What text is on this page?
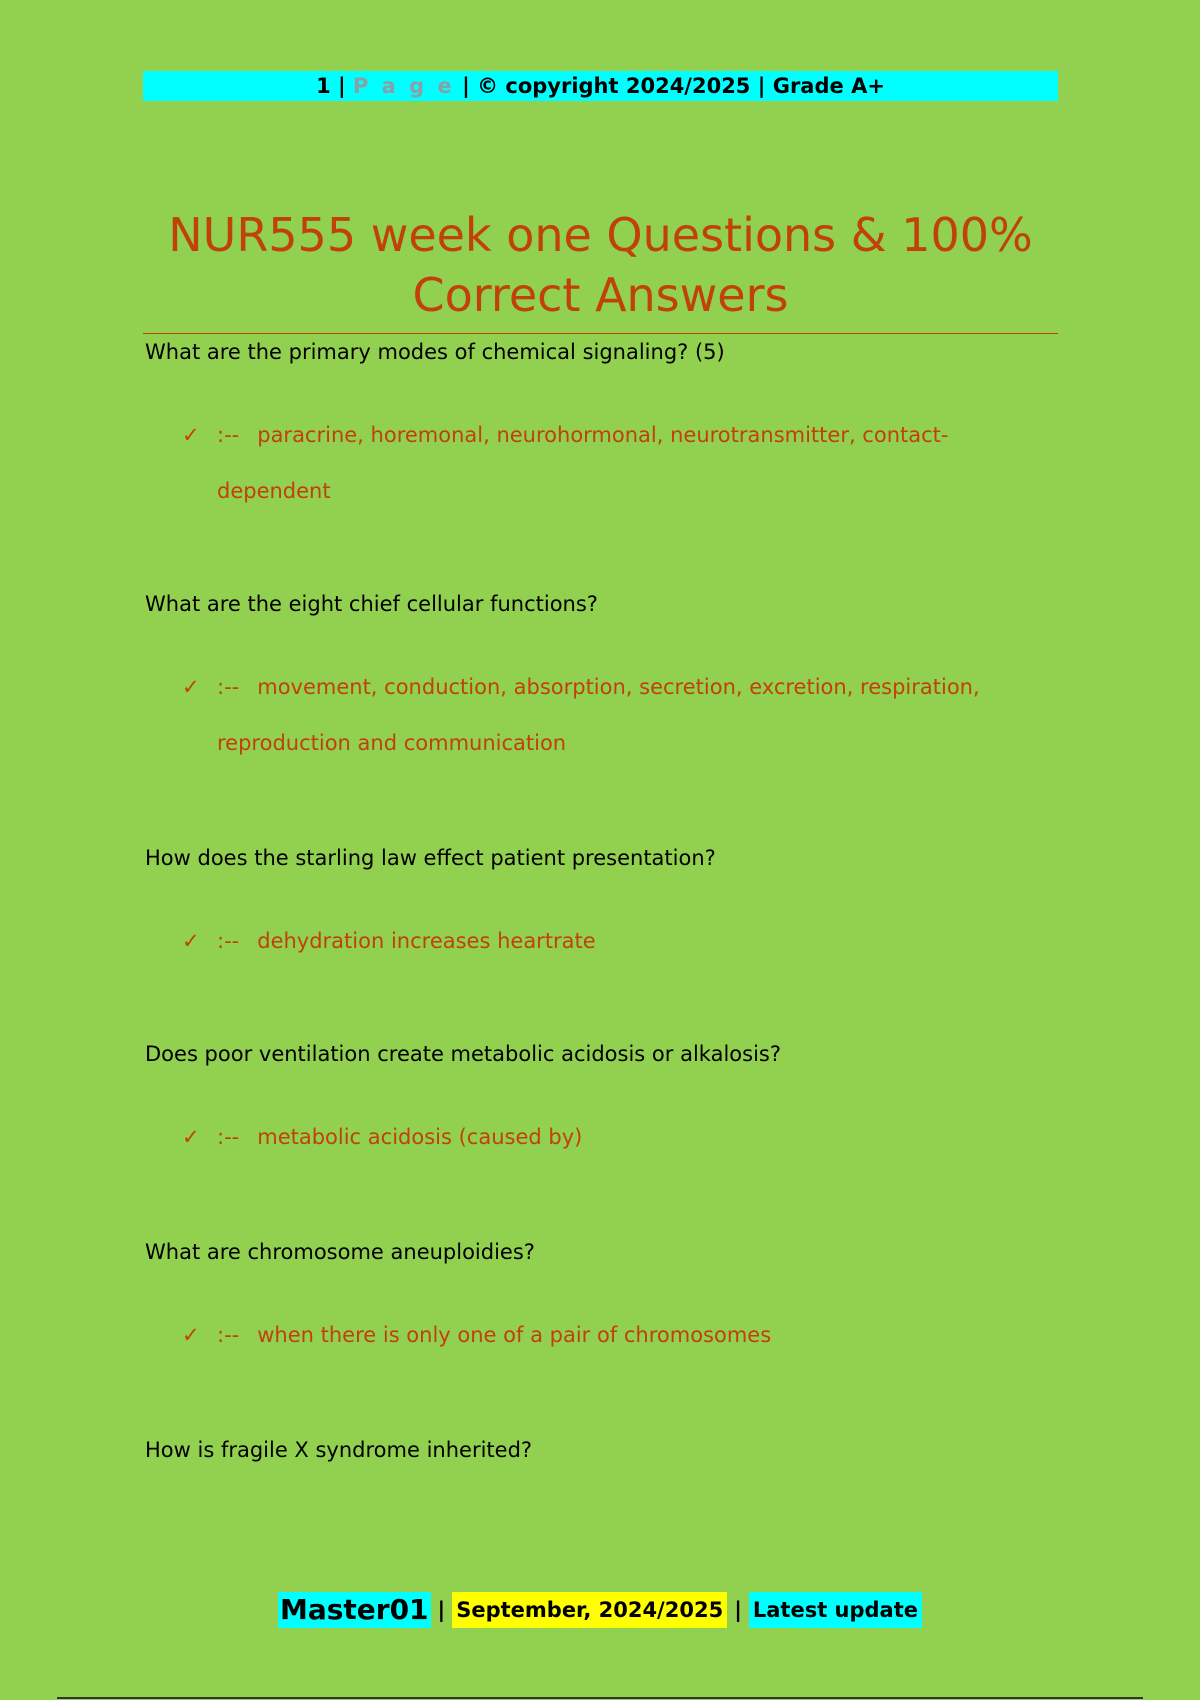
1
|
P a g e
|
© copyright 2024/2025
|
Grade A+
NUR555 week one Questions & 100%
Correct Answers
What are the primary modes of chemical signaling? (5)
✓ :-- paracrine, horemonal, neurohormonal, neurotransmitter, contact-dependent
What are the eight chief cellular functions?
✓ :-- movement, conduction, absorption, secretion, excretion, respiration, reproduction and communication
How does the starling law effect patient presentation?
✓ :-- dehydration increases heartrate
Does poor ventilation create metabolic acidosis or alkalosis?
✓ :-- metabolic acidosis (caused by)
What are chromosome aneuploidies?
✓ :-- when there is only one of a pair of chromosomes
How is fragile X syndrome inherited?
Master01 | September, 2024/2025 | Latest update
